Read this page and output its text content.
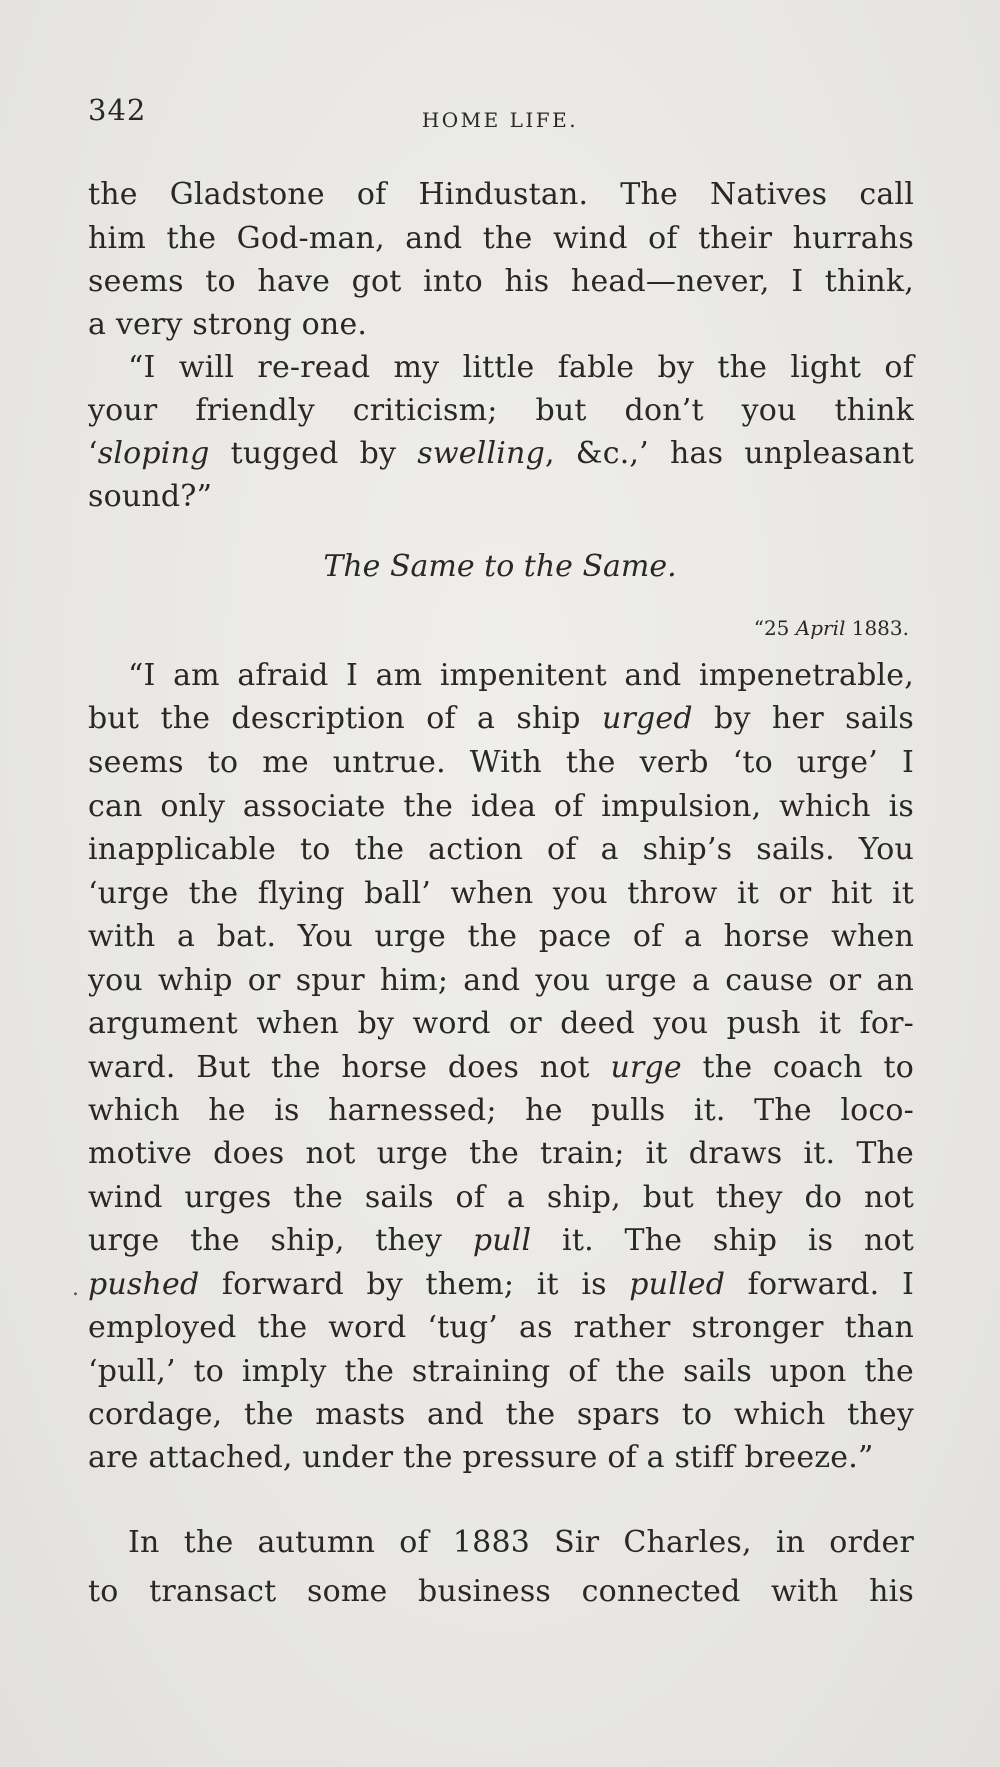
342	HOME LIFE.
the Gladstone of Hindustan. The Natives call
him the God-man, and the wind of their hurrahs
seems to have got into his head—never, I think,
a very strong one.
“I will re-read my little fable by the light of
your friendly criticism; but don’t you think
‘sloping tugged by swelling, &c.,’ has unpleasant
sound?”
The Same to the Same.
“25 April 1883.
“I am afraid I am impenitent and impenetrable,
but the description of a ship urged by her sails
seems to me untrue. With the verb ‘to urge’ I
can only associate the idea of impulsion, which is
inapplicable to the action of a ship’s sails. You
‘urge the flying ball’ when you throw it or hit it
with a bat. You urge the pace of a horse when
you whip or spur him; and you urge a cause or an
argument when by word or deed you push it for-
ward. But the horse does not urge the coach to
which he is harnessed; he pulls it. The loco-
motive does not urge the train; it draws it. The
wind urges the sails of a ship, but they do not
urge the ship, they pull it. The ship is not
pushed forward by them; it is pulled forward. I
employed the word ‘tug’ as rather stronger than
‘pull,’ to imply the straining of the sails upon the
cordage, the masts and the spars to which they
are attached, under the pressure of a stiff breeze.”
In the autumn of 1883 Sir Charles, in order
to transact some business connected with his
.
